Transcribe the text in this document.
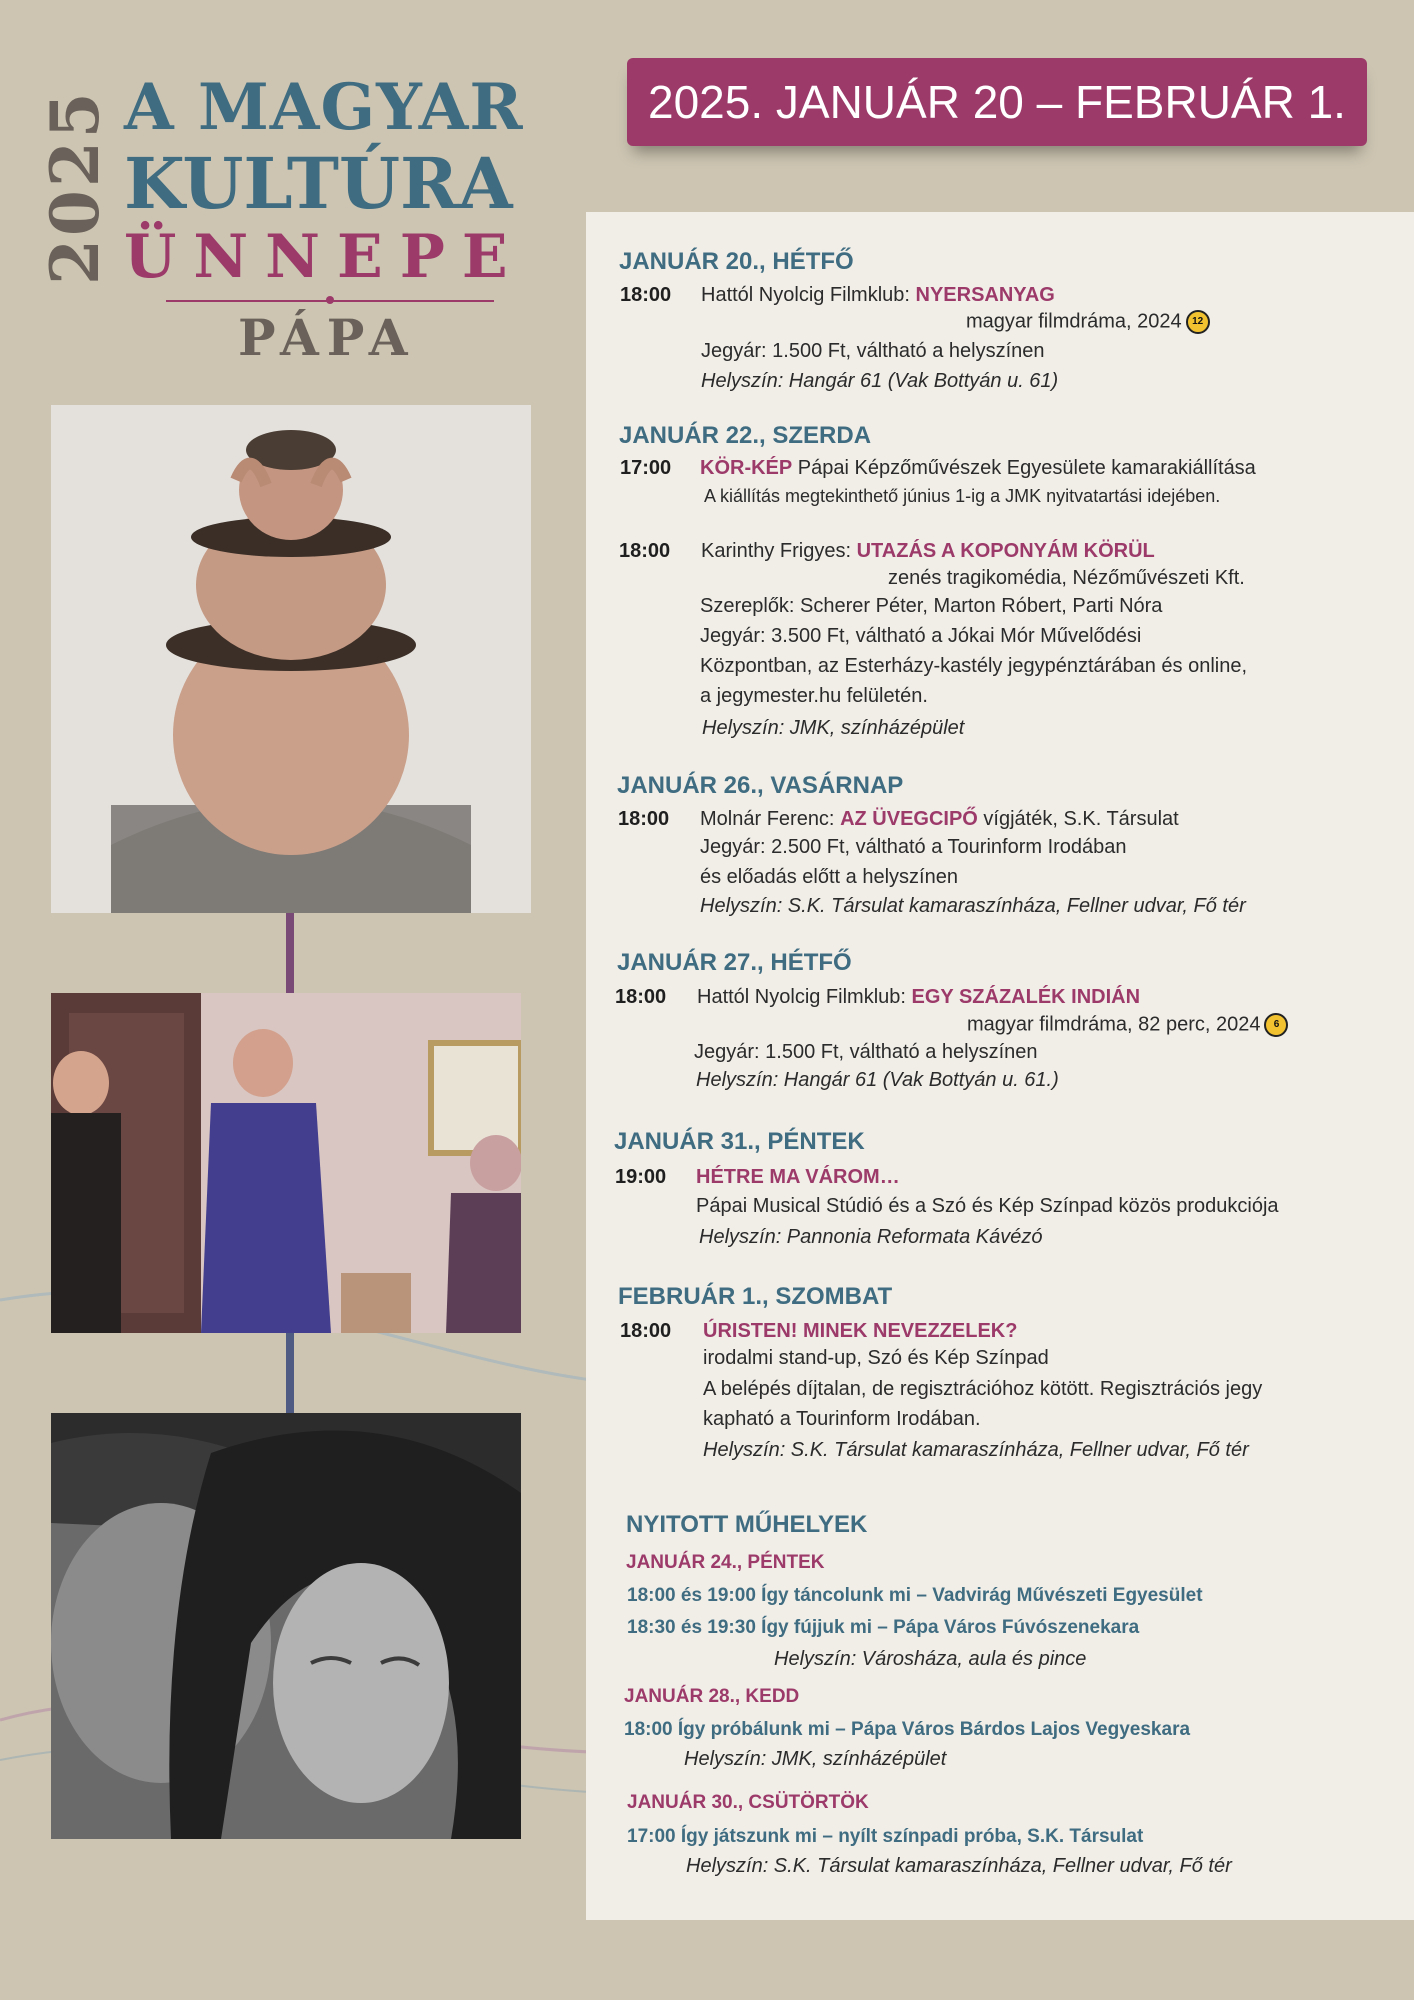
2025 A MAGYAR
KULTÚRA
ÜNNEPE
PÁPA
2025. JANUÁR 20 – FEBRUÁR 1.
JANUÁR 20., HÉTFŐ
18:00 Hattól Nyolcig Filmklub: NYERSANYAG
magyar filmdráma, 2024 12
Jegyár: 1.500 Ft, váltható a helyszínen
Helyszín: Hangár 61 (Vak Bottyán u. 61)
JANUÁR 22., SZERDA
17:00 KÖR-KÉP Pápai Képzőművészek Egyesülete kamarakiállítása
A kiállítás megtekinthető június 1-ig a JMK nyitvatartási idejében.
18:00 Karinthy Frigyes: UTAZÁS A KOPONYÁM KÖRÜL
zenés tragikomédia, Nézőművészeti Kft.
Szereplők: Scherer Péter, Marton Róbert, Parti Nóra
Jegyár: 3.500 Ft, váltható a Jókai Mór Művelődési
Központban, az Esterházy-kastély jegypénztárában és online,
a jegymester.hu felületén.
Helyszín: JMK, színházépület
JANUÁR 26., VASÁRNAP
18:00 Molnár Ferenc: AZ ÜVEGCIPŐ vígjáték, S.K. Társulat
Jegyár: 2.500 Ft, váltható a Tourinform Irodában
és előadás előtt a helyszínen
Helyszín: S.K. Társulat kamaraszínháza, Fellner udvar, Fő tér
JANUÁR 27., HÉTFŐ
18:00 Hattól Nyolcig Filmklub: EGY SZÁZALÉK INDIÁN
magyar filmdráma, 82 perc, 2024 6
Jegyár: 1.500 Ft, váltható a helyszínen
Helyszín: Hangár 61 (Vak Bottyán u. 61.)
JANUÁR 31., PÉNTEK
19:00 HÉTRE MA VÁROM…
Pápai Musical Stúdió és a Szó és Kép Színpad közös produkciója
Helyszín: Pannonia Reformata Kávézó
FEBRUÁR 1., SZOMBAT
18:00 ÚRISTEN! MINEK NEVEZZELEK?
irodalmi stand-up, Szó és Kép Színpad
A belépés díjtalan, de regisztrációhoz kötött. Regisztrációs jegy
kapható a Tourinform Irodában.
Helyszín: S.K. Társulat kamaraszínháza, Fellner udvar, Fő tér
NYITOTT MŰHELYEK
JANUÁR 24., PÉNTEK
18:00 és 19:00 Így táncolunk mi – Vadvirág Művészeti Egyesület
18:30 és 19:30 Így fújjuk mi – Pápa Város Fúvószenekara
Helyszín: Városháza, aula és pince
JANUÁR 28., KEDD
18:00 Így próbálunk mi – Pápa Város Bárdos Lajos Vegyeskara
Helyszín: JMK, színházépület
JANUÁR 30., CSÜTÖRTÖK
17:00 Így játszunk mi – nyílt színpadi próba, S.K. Társulat
Helyszín: S.K. Társulat kamaraszínháza, Fellner udvar, Fő tér
